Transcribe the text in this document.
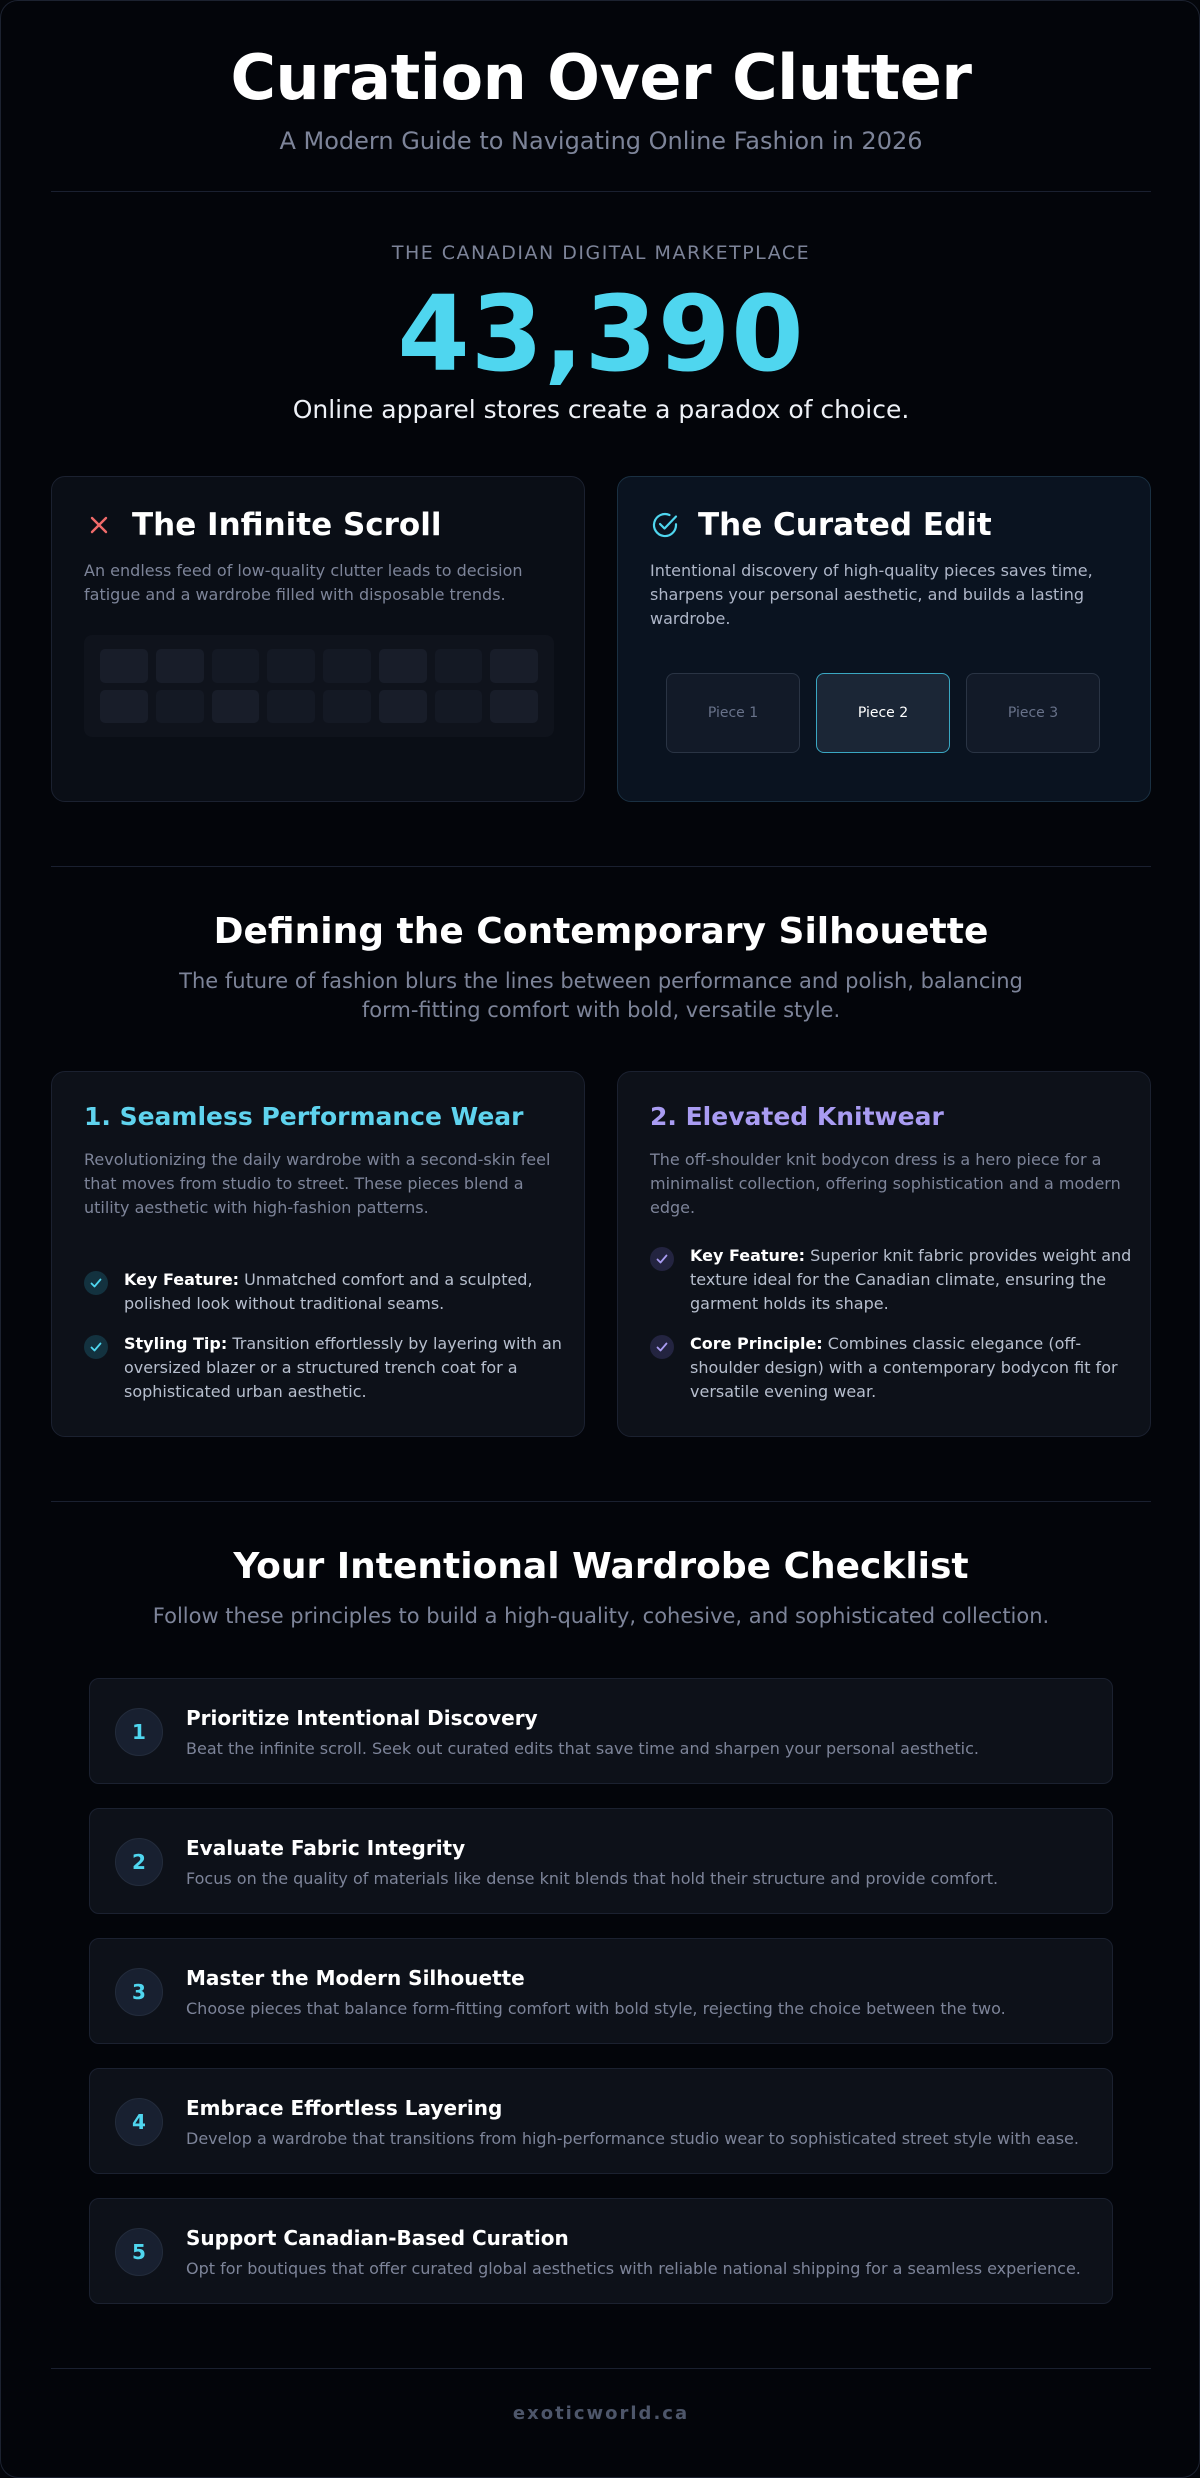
Curation Over Clutter
A Modern Guide to Navigating Online Fashion in 2026
THE CANADIAN DIGITAL MARKETPLACE
43,390
Online apparel stores create a paradox of choice.
The Infinite Scroll
An endless feed of low-quality clutter leads to decision fatigue and a wardrobe filled with disposable trends.
The Curated Edit
Intentional discovery of high-quality pieces saves time, sharpens your personal aesthetic, and builds a lasting wardrobe.
Piece 1	Piece 2	Piece 3
Defining the Contemporary Silhouette
The future of fashion blurs the lines between performance and polish, balancing form-fitting comfort with bold, versatile style.
1. Seamless Performance Wear
Revolutionizing the daily wardrobe with a second-skin feel that moves from studio to street. These pieces blend a utility aesthetic with high-fashion patterns.
Key Feature: Unmatched comfort and a sculpted, polished look without traditional seams.
Styling Tip: Transition effortlessly by layering with an oversized blazer or a structured trench coat for a sophisticated urban aesthetic.
2. Elevated Knitwear
The off-shoulder knit bodycon dress is a hero piece for a minimalist collection, offering sophistication and a modern edge.
Key Feature: Superior knit fabric provides weight and texture ideal for the Canadian climate, ensuring the garment holds its shape.
Core Principle: Combines classic elegance (off-shoulder design) with a contemporary bodycon fit for versatile evening wear.
Your Intentional Wardrobe Checklist
Follow these principles to build a high-quality, cohesive, and sophisticated collection.
1
Prioritize Intentional Discovery
Beat the infinite scroll. Seek out curated edits that save time and sharpen your personal aesthetic.
2
Evaluate Fabric Integrity
Focus on the quality of materials like dense knit blends that hold their structure and provide comfort.
3
Master the Modern Silhouette
Choose pieces that balance form-fitting comfort with bold style, rejecting the choice between the two.
4
Embrace Effortless Layering
Develop a wardrobe that transitions from high-performance studio wear to sophisticated street style with ease.
5
Support Canadian-Based Curation
Opt for boutiques that offer curated global aesthetics with reliable national shipping for a seamless experience.
exoticworld.ca
